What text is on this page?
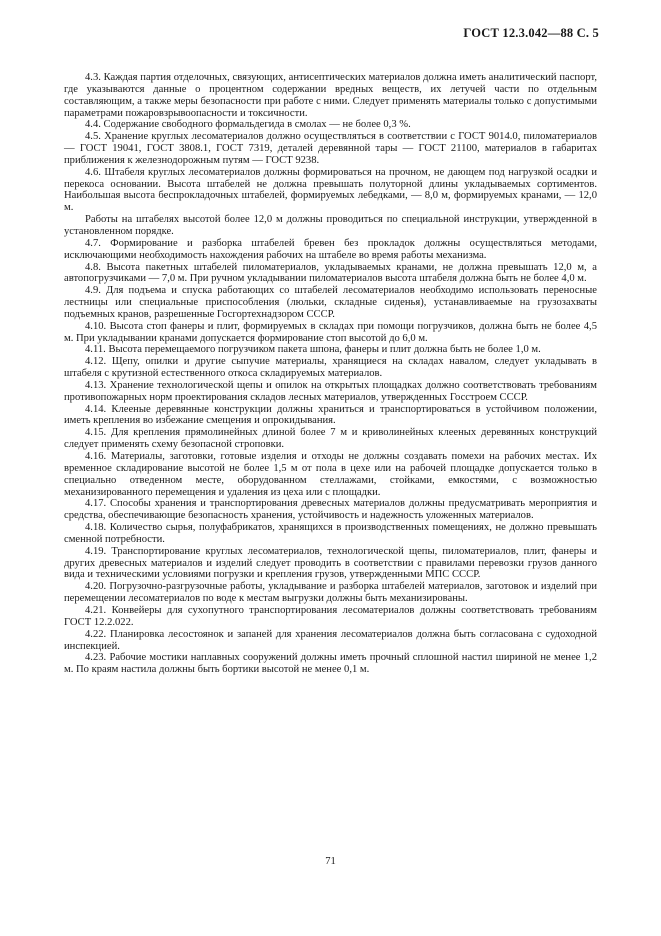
ГОСТ 12.3.042—88 С. 5

4.3. Каждая партия отделочных, связующих, антисептических материалов должна иметь аналитический паспорт, где указываются данные о процентном содержании вредных веществ, их летучей части по отдельным составляющим, а также меры безопасности при работе с ними. Следует применять материалы только с допустимыми параметрами пожаровзрывоопасности и токсичности.

4.4. Содержание свободного формальдегида в смолах — не более 0,3 %.

4.5. Хранение круглых лесоматериалов должно осуществляться в соответствии с ГОСТ 9014.0, пиломатериалов — ГОСТ 19041, ГОСТ 3808.1, ГОСТ 7319, деталей деревянной тары — ГОСТ 21100, материалов в габаритах приближения к железнодорожным путям — ГОСТ 9238.

4.6. Штабеля круглых лесоматериалов должны формироваться на прочном, не дающем под нагрузкой осадки и перекоса основании. Высота штабелей не должна превышать полуторной длины укладываемых сортиментов. Наибольшая высота беспрокладочных штабелей, формируемых лебедками, — 8,0 м, формируемых кранами, — 12,0 м.

Работы на штабелях высотой более 12,0 м должны проводиться по специальной инструкции, утвержденной в установленном порядке.

4.7. Формирование и разборка штабелей бревен без прокладок должны осуществляться методами, исключающими необходимость нахождения рабочих на штабеле во время работы механизма.

4.8. Высота пакетных штабелей пиломатериалов, укладываемых кранами, не должна превышать 12,0 м, а автопогрузчиками — 7,0 м. При ручном укладывании пиломатериалов высота штабеля должна быть не более 4,0 м.

4.9. Для подъема и спуска работающих со штабелей лесоматериалов необходимо использовать переносные лестницы или специальные приспособления (люльки, складные сиденья), устанавливаемые на грузозахваты подъемных кранов, разрешенные Госгортехнадзором СССР.

4.10. Высота стоп фанеры и плит, формируемых в складах при помощи погрузчиков, должна быть не более 4,5 м. При укладывании кранами допускается формирование стоп высотой до 6,0 м.

4.11. Высота перемещаемого погрузчиком пакета шпона, фанеры и плит должна быть не более 1,0 м.

4.12. Щепу, опилки и другие сыпучие материалы, хранящиеся на складах навалом, следует укладывать в штабеля с крутизной естественного откоса складируемых материалов.

4.13. Хранение технологической щепы и опилок на открытых площадках должно соответствовать требованиям противопожарных норм проектирования складов лесных материалов, утвержденных Госстроем СССР.

4.14. Клееные деревянные конструкции должны храниться и транспортироваться в устойчивом положении, иметь крепления во избежание смещения и опрокидывания.

4.15. Для крепления прямолинейных длиной более 7 м и криволинейных клееных деревянных конструкций следует применять схему безопасной строповки.

4.16. Материалы, заготовки, готовые изделия и отходы не должны создавать помехи на рабочих местах. Их временное складирование высотой не более 1,5 м от пола в цехе или на рабочей площадке допускается только в специально отведенном месте, оборудованном стеллажами, стойками, емкостями, с возможностью механизированного перемещения и удаления из цеха или с площадки.

4.17. Способы хранения и транспортирования древесных материалов должны предусматривать мероприятия и средства, обеспечивающие безопасность хранения, устойчивость и надежность уложенных материалов.

4.18. Количество сырья, полуфабрикатов, хранящихся в производственных помещениях, не должно превышать сменной потребности.

4.19. Транспортирование круглых лесоматериалов, технологической щепы, пиломатериалов, плит, фанеры и других древесных материалов и изделий следует проводить в соответствии с правилами перевозки грузов данного вида и техническими условиями погрузки и крепления грузов, утвержденными МПС СССР.

4.20. Погрузочно-разгрузочные работы, укладывание и разборка штабелей материалов, заготовок и изделий при перемещении лесоматериалов по воде к местам выгрузки должны быть механизированы.

4.21. Конвейеры для сухопутного транспортирования лесоматериалов должны соответствовать требованиям ГОСТ 12.2.022.

4.22. Планировка лесостоянок и запаней для хранения лесоматериалов должна быть согласована с судоходной инспекцией.

4.23. Рабочие мостики наплавных сооружений должны иметь прочный сплошной настил шириной не менее 1,2 м. По краям настила должны быть бортики высотой не менее 0,1 м.

71
